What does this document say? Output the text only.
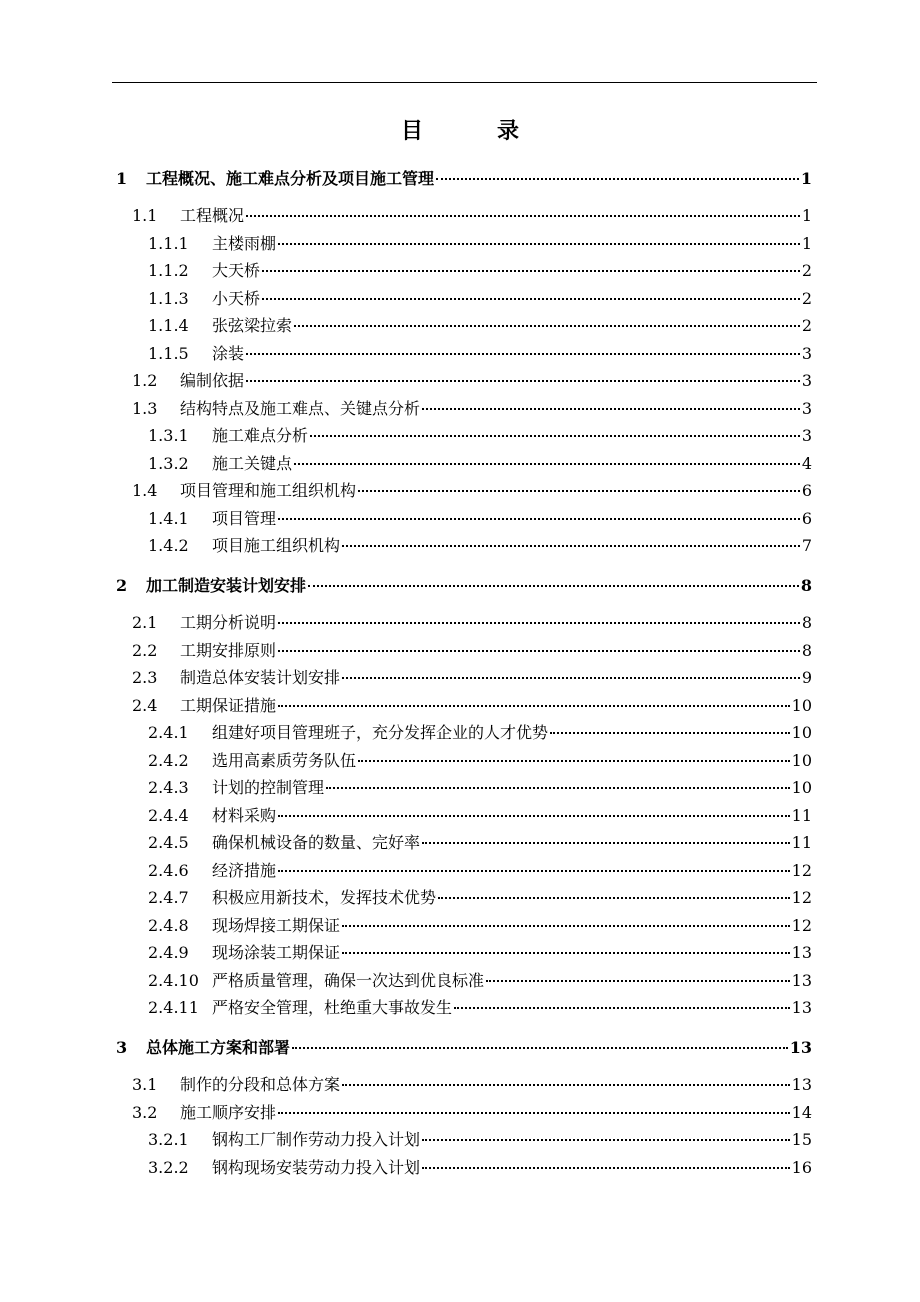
目　录
1	工程概况、施工难点分析及项目施工管理	1
1.1	工程概况	1
1.1.1	主楼雨棚	1
1.1.2	大天桥	2
1.1.3	小天桥	2
1.1.4	张弦梁拉索	2
1.1.5	涂装	3
1.2	编制依据	3
1.3	结构特点及施工难点、关键点分析	3
1.3.1	施工难点分析	3
1.3.2	施工关键点	4
1.4	项目管理和施工组织机构	6
1.4.1	项目管理	6
1.4.2	项目施工组织机构	7
2	加工制造安装计划安排	8
2.1	工期分析说明	8
2.2	工期安排原则	8
2.3	制造总体安装计划安排	9
2.4	工期保证措施	10
2.4.1	组建好项目管理班子，充分发挥企业的人才优势	10
2.4.2	选用高素质劳务队伍	10
2.4.3	计划的控制管理	10
2.4.4	材料采购	11
2.4.5	确保机械设备的数量、完好率	11
2.4.6	经济措施	12
2.4.7	积极应用新技术，发挥技术优势	12
2.4.8	现场焊接工期保证	12
2.4.9	现场涂装工期保证	13
2.4.10 严格质量管理，确保一次达到优良标准	13
2.4.11 严格安全管理，杜绝重大事故发生	13
3	总体施工方案和部署	13
3.1	制作的分段和总体方案	13
3.2	施工顺序安排	14
3.2.1	钢构工厂制作劳动力投入计划	15
3.2.2	钢构现场安装劳动力投入计划	16
